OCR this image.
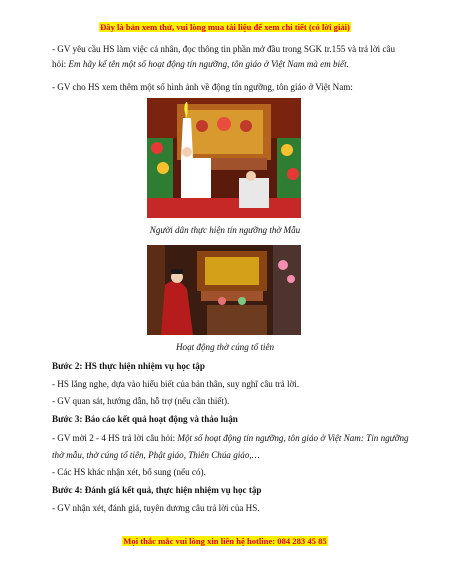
Đây là bản xem thử, vui lòng mua tài liệu để xem chi tiết (có lời giải)
- GV yêu cầu HS làm việc cá nhân, đọc thông tin phần mở đầu trong SGK tr.155 và trả lời câu hỏi: Em hãy kể tên một số hoạt động tín ngưỡng, tôn giáo ở Việt Nam mà em biết.
- GV cho HS xem thêm một số hình ảnh về động tín ngưỡng, tôn giáo ở Việt Nam:
Người dân thực hiện tín ngưỡng thờ Mẫu
Hoạt động thờ cúng tổ tiên
Bước 2: HS thực hiện nhiệm vụ học tập
- HS lắng nghe, dựa vào hiểu biết của bản thân, suy nghĩ câu trả lời.
- GV quan sát, hướng dẫn, hỗ trợ (nếu cần thiết).
Bước 3: Báo cáo kết quả hoạt động và thảo luận
- GV mời 2 - 4 HS trả lời câu hỏi: Một số hoạt động tín ngưỡng, tôn giáo ở Việt Nam: Tín ngưỡng thờ mẫu, thờ cúng tổ tiên, Phật giáo, Thiên Chúa giáo,…
- Các HS khác nhận xét, bổ sung (nếu có).
Bước 4: Đánh giá kết quả, thực hiện nhiệm vụ học tập
- GV nhận xét, đánh giá, tuyên dương câu trả lời của HS.
Mọi thắc mắc vui lòng xin liên hệ hotline: 084 283 45 85
